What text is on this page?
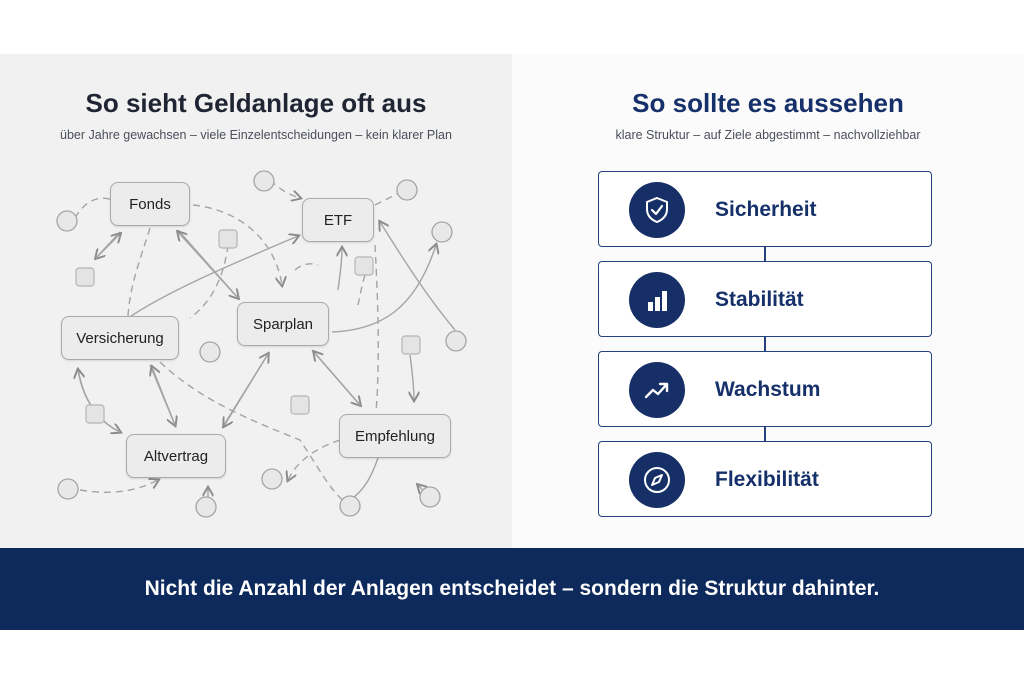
So sieht Geldanlage oft aus
über Jahre gewachsen – viele Einzelentscheidungen – kein klarer Plan
Fonds
ETF
Sparplan
Versicherung
Altvertrag
Empfehlung
So sollte es aussehen
klare Struktur – auf Ziele abgestimmt – nachvollziehbar
Sicherheit
Stabilität
Wachstum
Flexibilität
Nicht die Anzahl der Anlagen entscheidet – sondern die Struktur dahinter.
